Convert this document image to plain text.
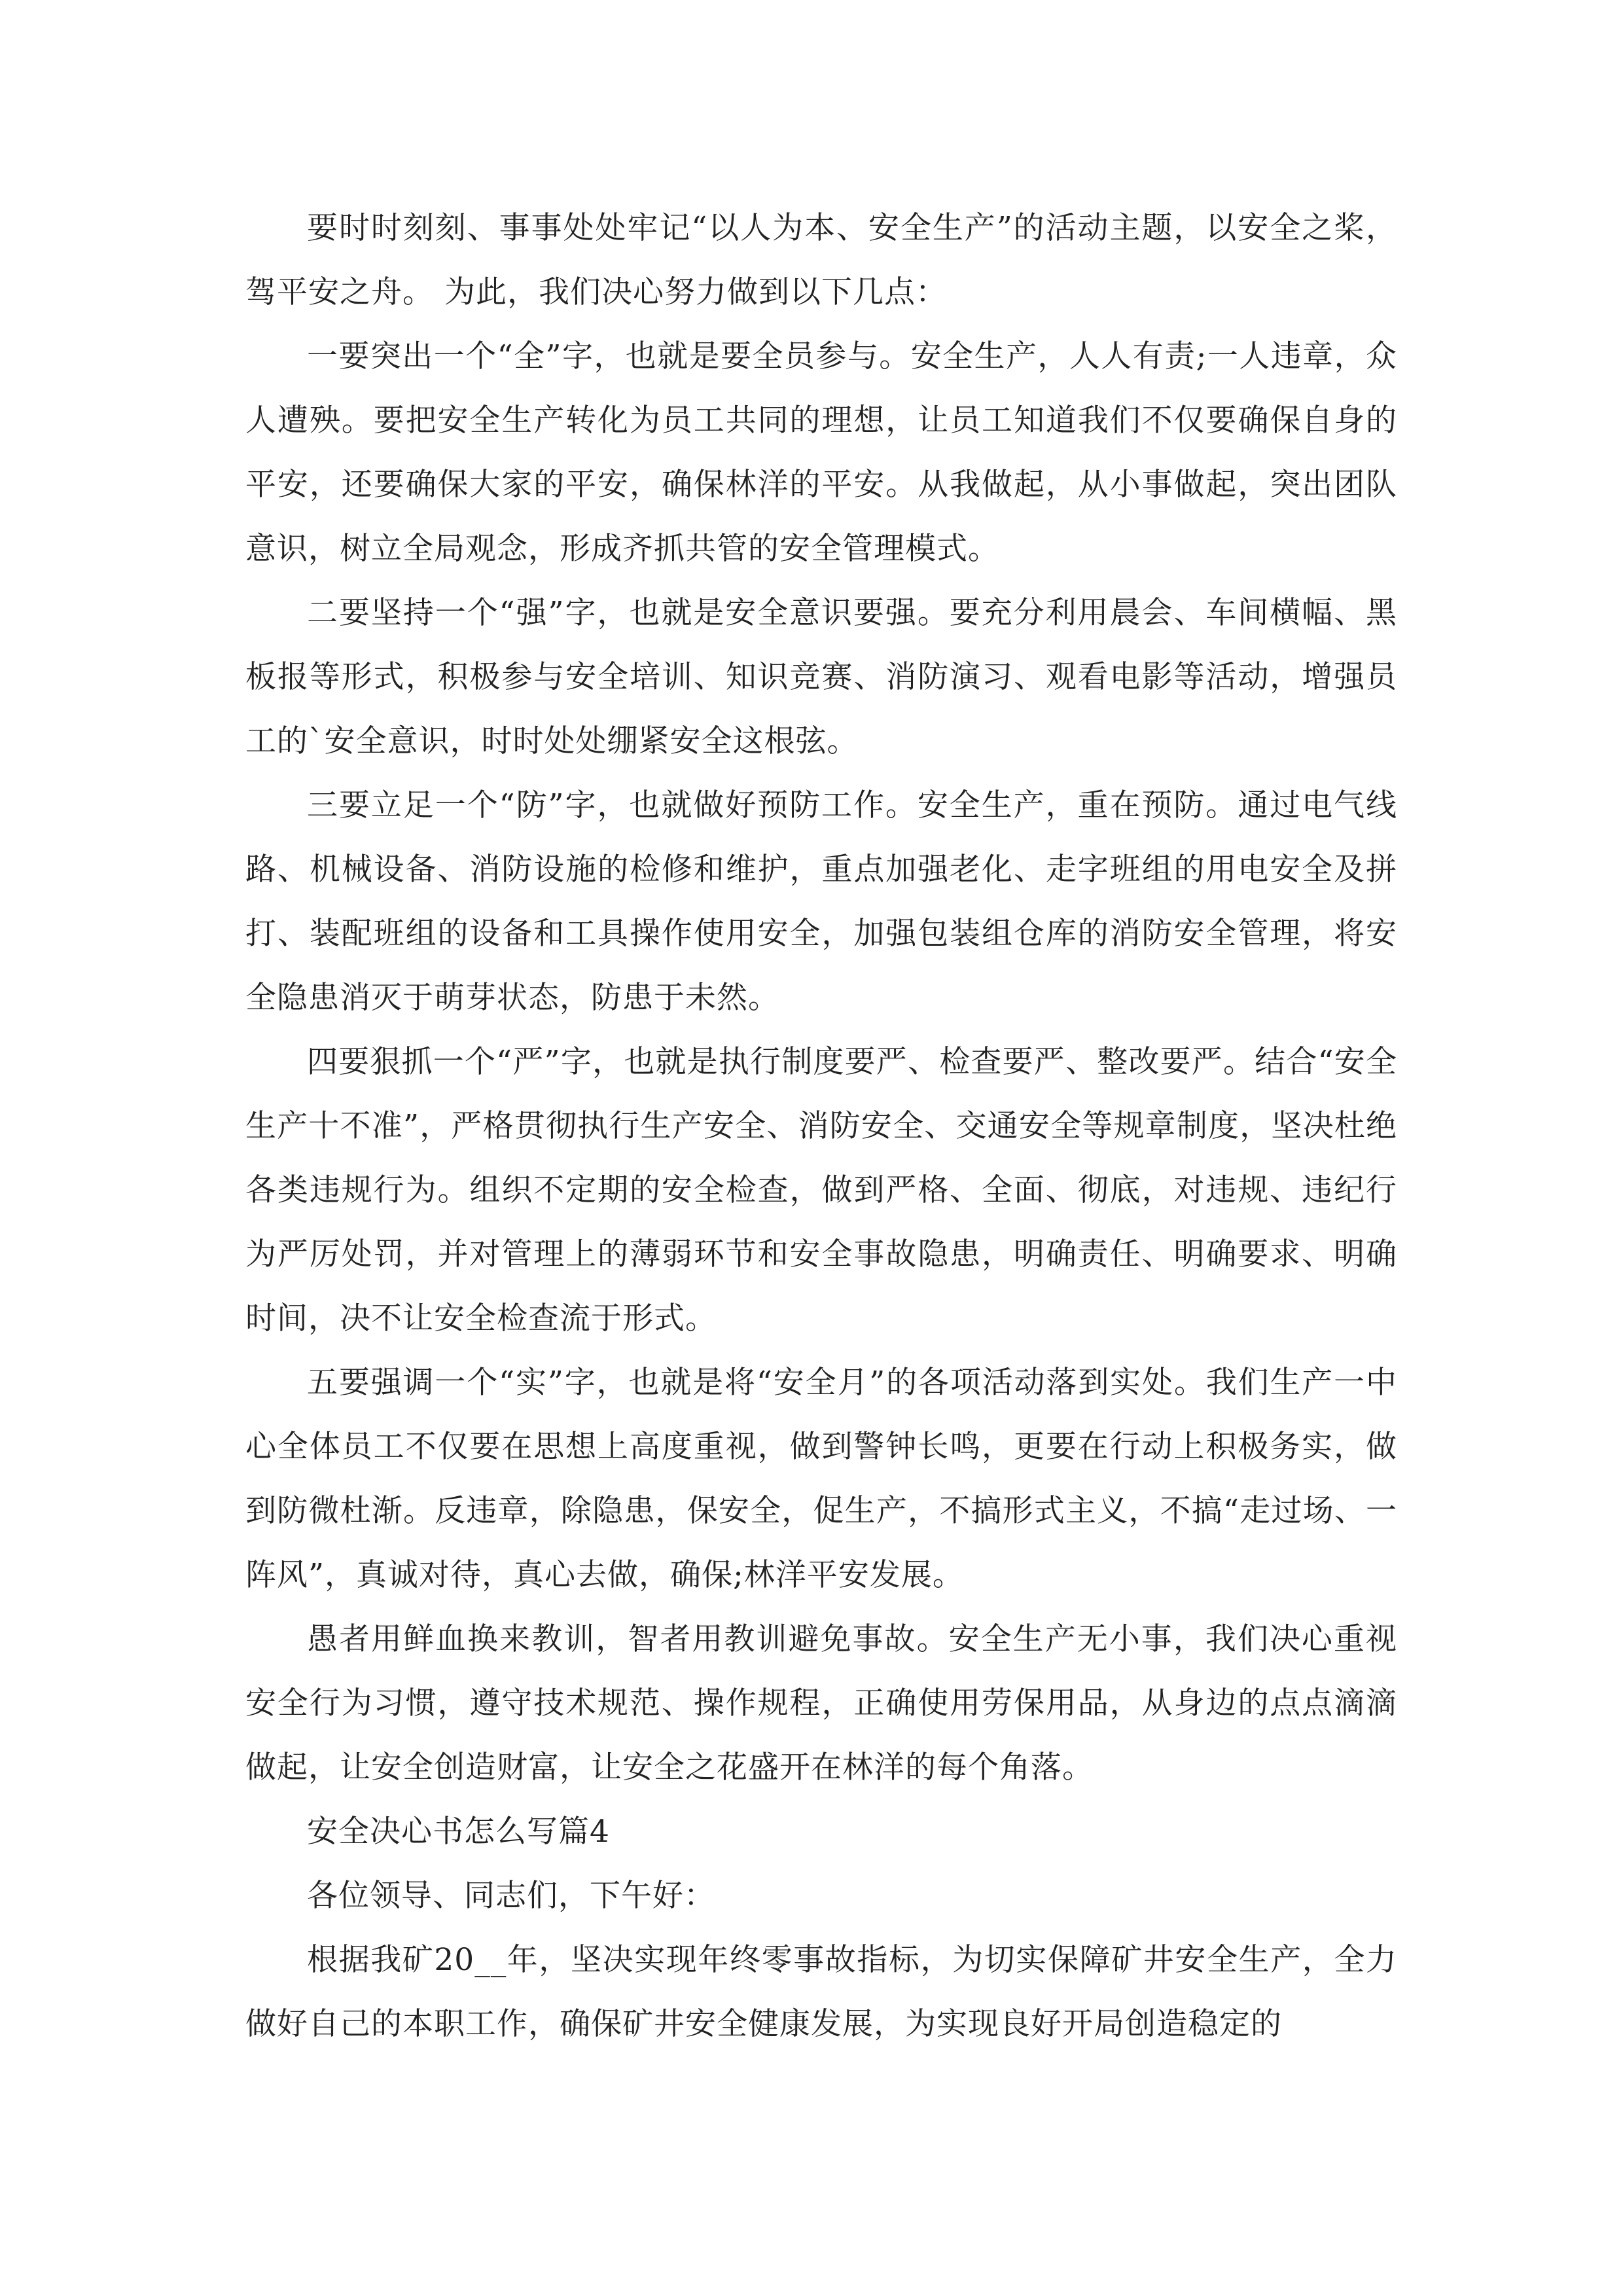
要时时刻刻、事事处处牢记“以人为本、安全生产”的活动主题，以安全之桨，驾平安之舟。 为此，我们决心努力做到以下几点：

一要突出一个“全”字，也就是要全员参与。安全生产，人人有责;一人违章，众人遭殃。要把安全生产转化为员工共同的理想，让员工知道我们不仅要确保自身的平安，还要确保大家的平安，确保林洋的平安。从我做起，从小事做起，突出团队意识，树立全局观念，形成齐抓共管的安全管理模式。

二要坚持一个“强”字，也就是安全意识要强。要充分利用晨会、车间横幅、黑板报等形式，积极参与安全培训、知识竞赛、消防演习、观看电影等活动，增强员工的`安全意识，时时处处绷紧安全这根弦。

三要立足一个“防”字，也就做好预防工作。安全生产，重在预防。通过电气线路、机械设备、消防设施的检修和维护，重点加强老化、走字班组的用电安全及拼打、装配班组的设备和工具操作使用安全，加强包装组仓库的消防安全管理，将安全隐患消灭于萌芽状态，防患于未然。

四要狠抓一个“严”字，也就是执行制度要严、检查要严、整改要严。结合“安全生产十不准”，严格贯彻执行生产安全、消防安全、交通安全等规章制度，坚决杜绝各类违规行为。组织不定期的安全检查，做到严格、全面、彻底，对违规、违纪行为严厉处罚，并对管理上的薄弱环节和安全事故隐患，明确责任、明确要求、明确时间，决不让安全检查流于形式。

五要强调一个“实”字，也就是将“安全月”的各项活动落到实处。我们生产一中心全体员工不仅要在思想上高度重视，做到警钟长鸣，更要在行动上积极务实，做到防微杜渐。反违章，除隐患，保安全，促生产，不搞形式主义，不搞“走过场、一阵风”，真诚对待，真心去做，确保;林洋平安发展。

愚者用鲜血换来教训，智者用教训避免事故。安全生产无小事，我们决心重视安全行为习惯，遵守技术规范、操作规程，正确使用劳保用品，从身边的点点滴滴做起，让安全创造财富，让安全之花盛开在林洋的每个角落。

安全决心书怎么写篇4

各位领导、同志们，下午好：

根据我矿20__年，坚决实现年终零事故指标，为切实保障矿井安全生产，全力做好自己的本职工作，确保矿井安全健康发展，为实现良好开局创造稳定的
